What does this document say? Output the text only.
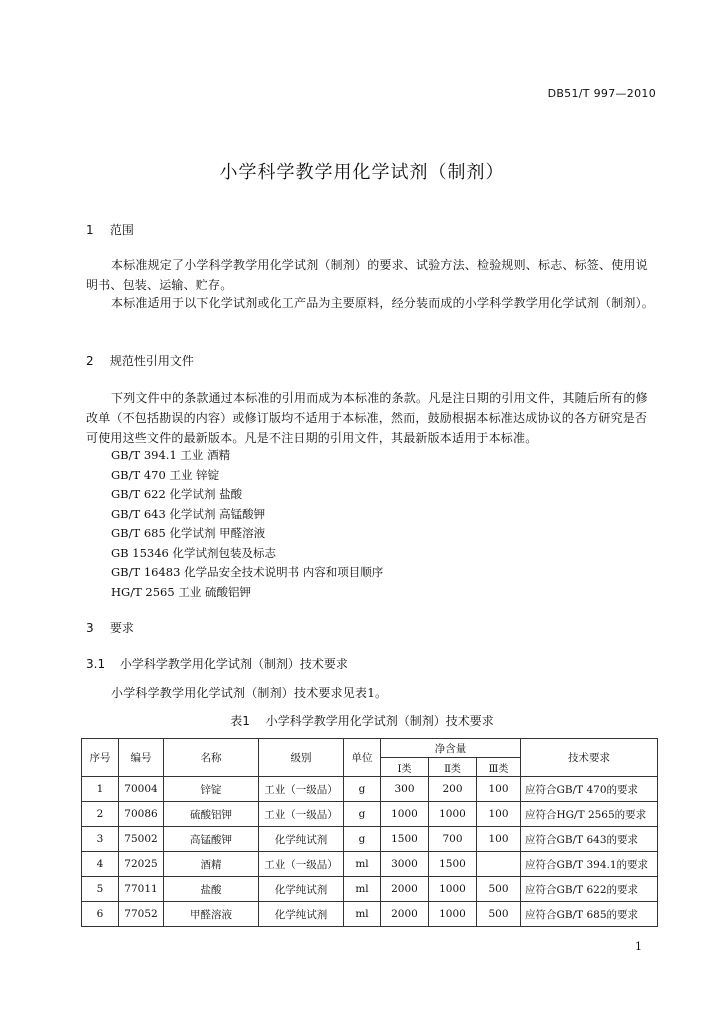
DB51/T 997—2010
小学科学教学用化学试剂（制剂）
1 范围
本标准规定了小学科学教学用化学试剂（制剂）的要求、试验方法、检验规则、标志、标签、使用说明书、包装、运输、贮存。
本标准适用于以下化学试剂或化工产品为主要原料，经分装而成的小学科学教学用化学试剂（制剂）。
2 规范性引用文件
下列文件中的条款通过本标准的引用而成为本标准的条款。凡是注日期的引用文件，其随后所有的修改单（不包括勘误的内容）或修订版均不适用于本标准，然而，鼓励根据本标准达成协议的各方研究是否可使用这些文件的最新版本。凡是不注日期的引用文件，其最新版本适用于本标准。
GB/T 394.1 工业 酒精
GB/T 470 工业 锌锭
GB/T 622 化学试剂 盐酸
GB/T 643 化学试剂 高锰酸钾
GB/T 685 化学试剂 甲醛溶液
GB 15346 化学试剂包装及标志
GB/T 16483 化学品安全技术说明书 内容和项目顺序
HG/T 2565 工业 硫酸铝钾
3 要求
3.1 小学科学教学用化学试剂（制剂）技术要求
小学科学教学用化学试剂（制剂）技术要求见表1。
表1 小学科学教学用化学试剂（制剂）技术要求
序号	编号	名称	级别	单位	净含量			技术要求
					Ⅰ类	Ⅱ类	Ⅲ类	
1	70004	锌锭	工业（一级品）	g	300	200	100	应符合GB/T 470的要求
2	70086	硫酸铝钾	工业（一级品）	g	1000	1000	100	应符合HG/T 2565的要求
3	75002	高锰酸钾	化学纯试剂	g	1500	700	100	应符合GB/T 643的要求
4	72025	酒精	工业（一级品）	ml	3000	1500		应符合GB/T 394.1的要求
5	77011	盐酸	化学纯试剂	ml	2000	1000	500	应符合GB/T 622的要求
6	77052	甲醛溶液	化学纯试剂	ml	2000	1000	500	应符合GB/T 685的要求
1
